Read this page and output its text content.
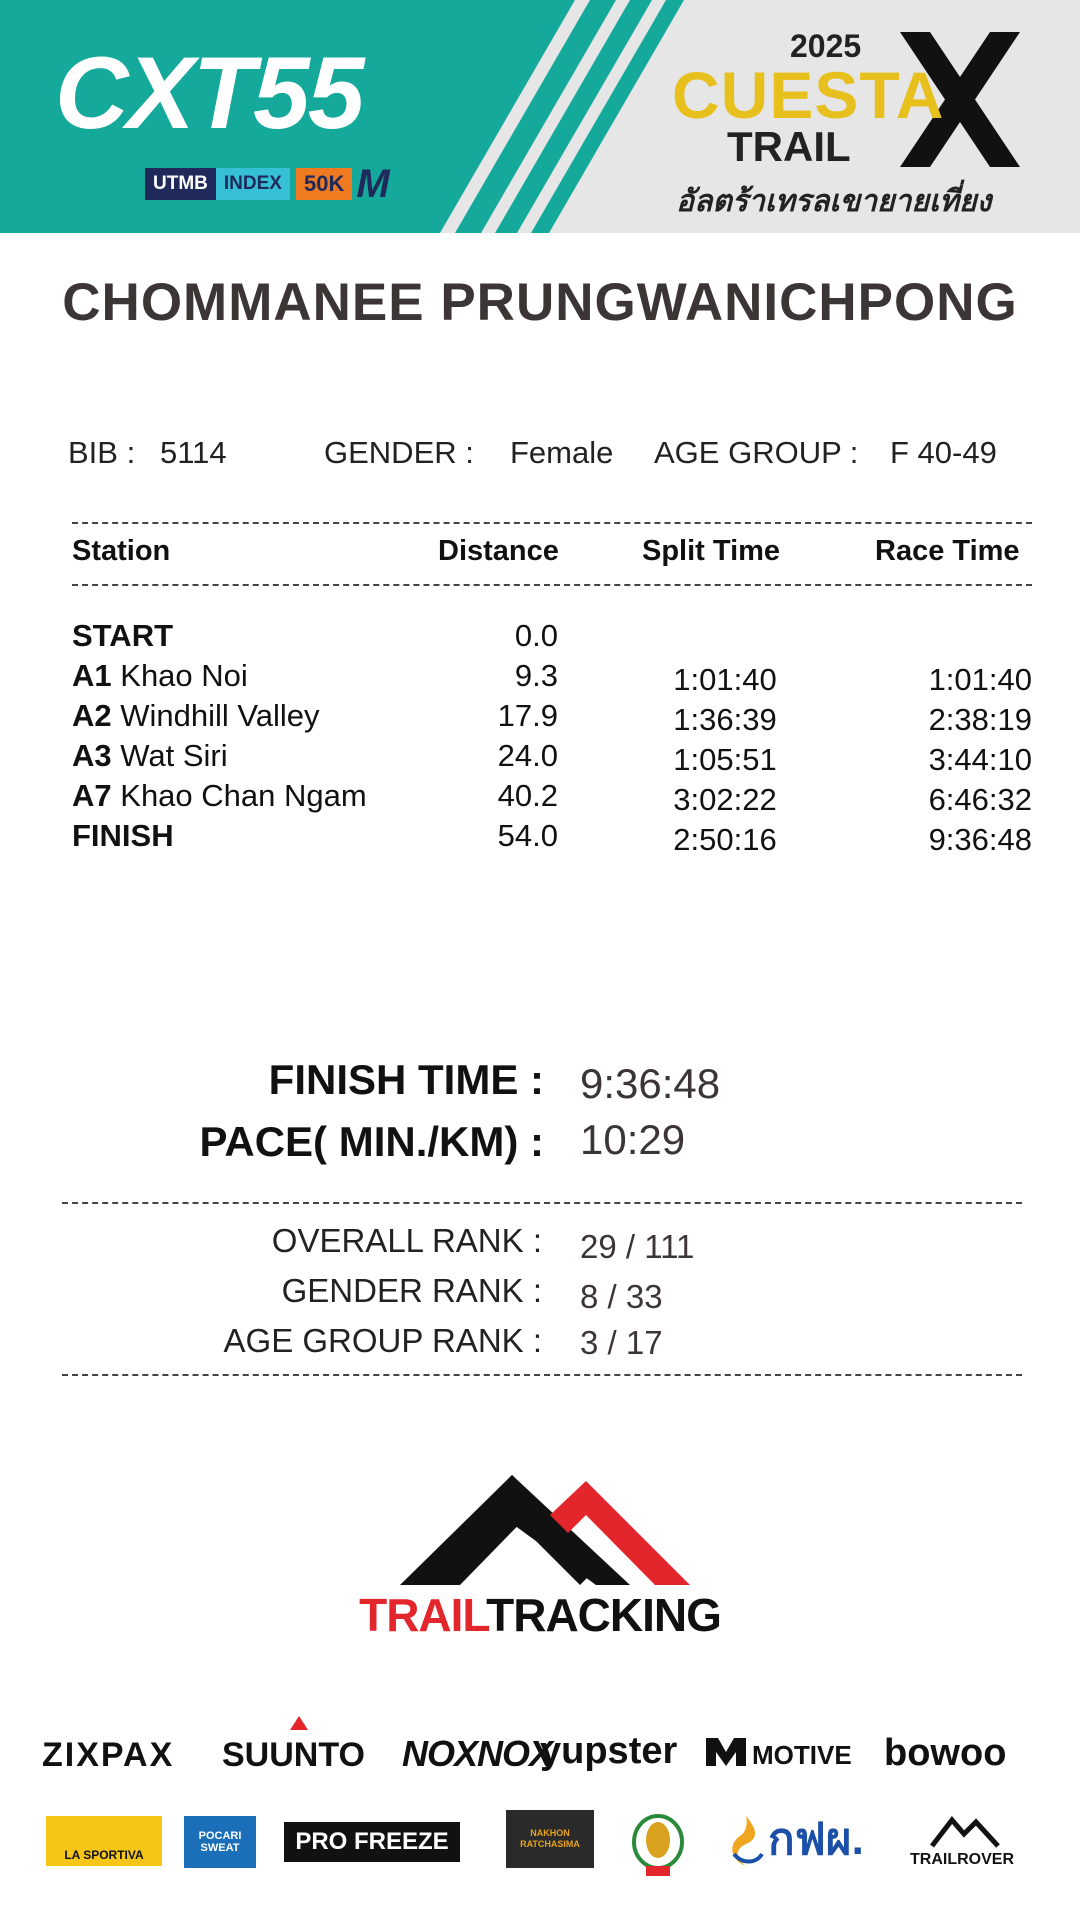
CXT55
UTMB INDEX	50K M
2025
CUESTA
TRAIL
อัลตร้าเทรลเขายายเที่ยง
CHOMMANEE PRUNGWANICHPONG
BIB : 5114	GENDER : Female AGE GROUP : F 40-49
Station	Distance	Split Time	Race Time
START	0.0
A1 Khao Noi	9.3	1:01:40	1:01:40
A2 Windhill Valley	17.9	1:36:39	2:38:19
A3 Wat Siri	24.0	1:05:51	3:44:10
A7 Khao Chan Ngam	40.2	3:02:22	6:46:32
FINISH	54.0	2:50:16	9:36:48
FINISH TIME : 9:36:48
PACE( MIN./KM) : 10:29
OVERALL RANK : 29 / 111
GENDER RANK : 8 / 33
AGE GROUP RANK : 3 / 17
TRAILTRACKING
ZIXPAX SUUNTO NOXNOX
yupster	MOTIVE bowoo
LA SPORTIVA
POCARI SWEAT	PRO FREEZE	NAKHON RATCHASIMA	กฟผ.	TRAILROVER
